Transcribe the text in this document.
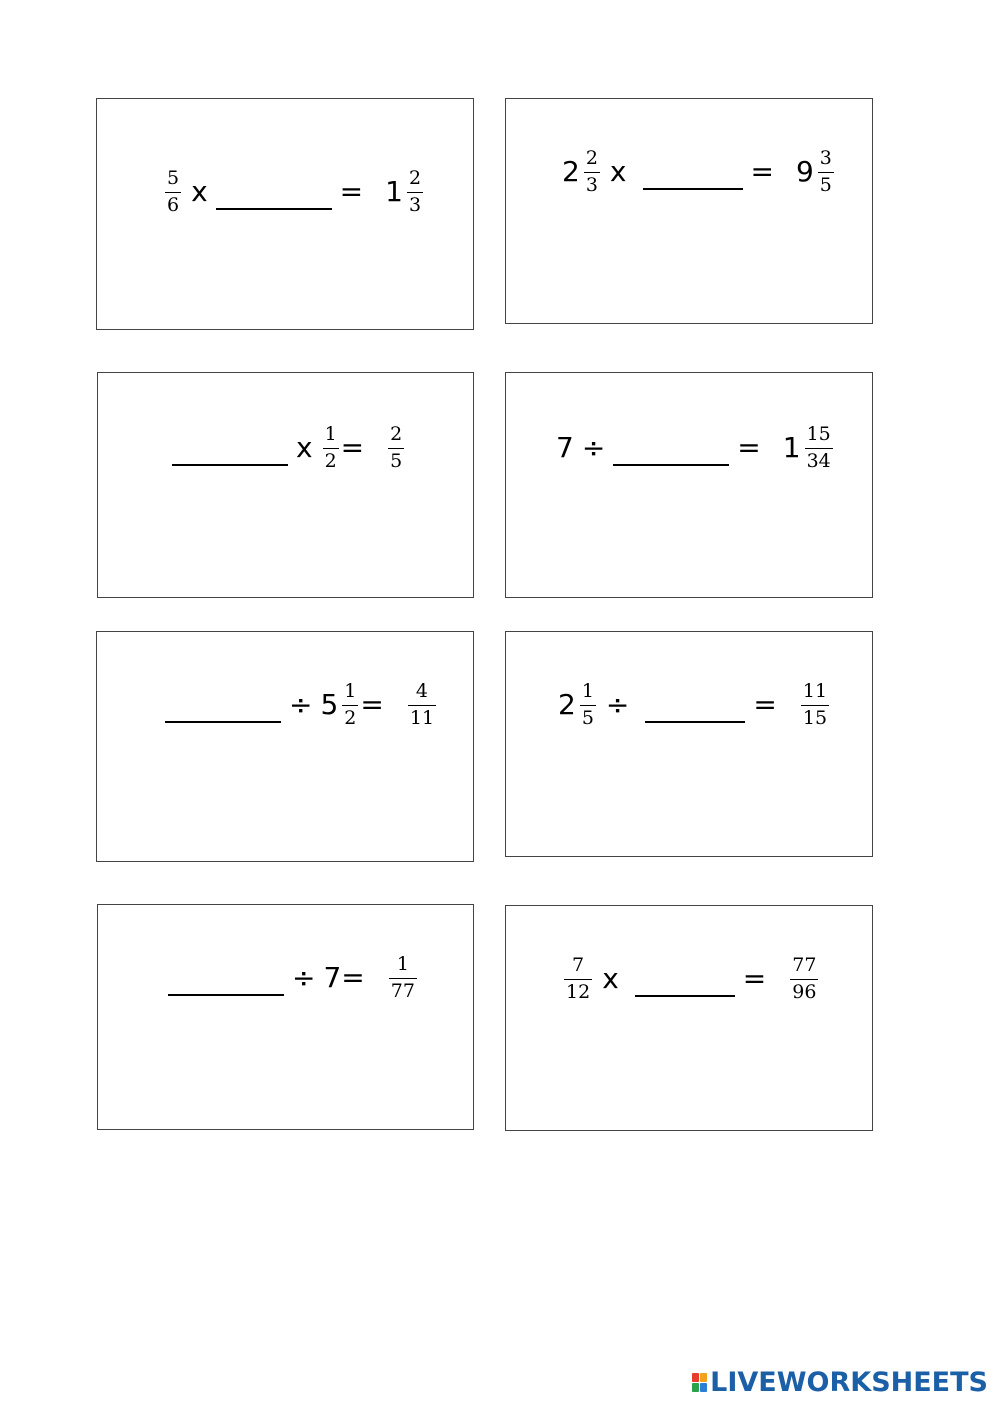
$\frac{5}{6}$ x	= $1 \frac{2}{3}$	$2 \frac{2}{3}$ x	= $9 \frac{3}{5}$
x $\frac{1}{2} = \frac{2}{5}$	7 ÷	= $1 \frac{15}{34}$
÷ $5 \frac{1}{2} = \frac{4}{11}$	$2 \frac{1}{5}$ ÷	= $\frac{11}{15}$
÷ $7 = \frac{1}{77}$	$\frac{7}{12}$ x	= $\frac{77}{96}$
LIVEWORKSHEETS
